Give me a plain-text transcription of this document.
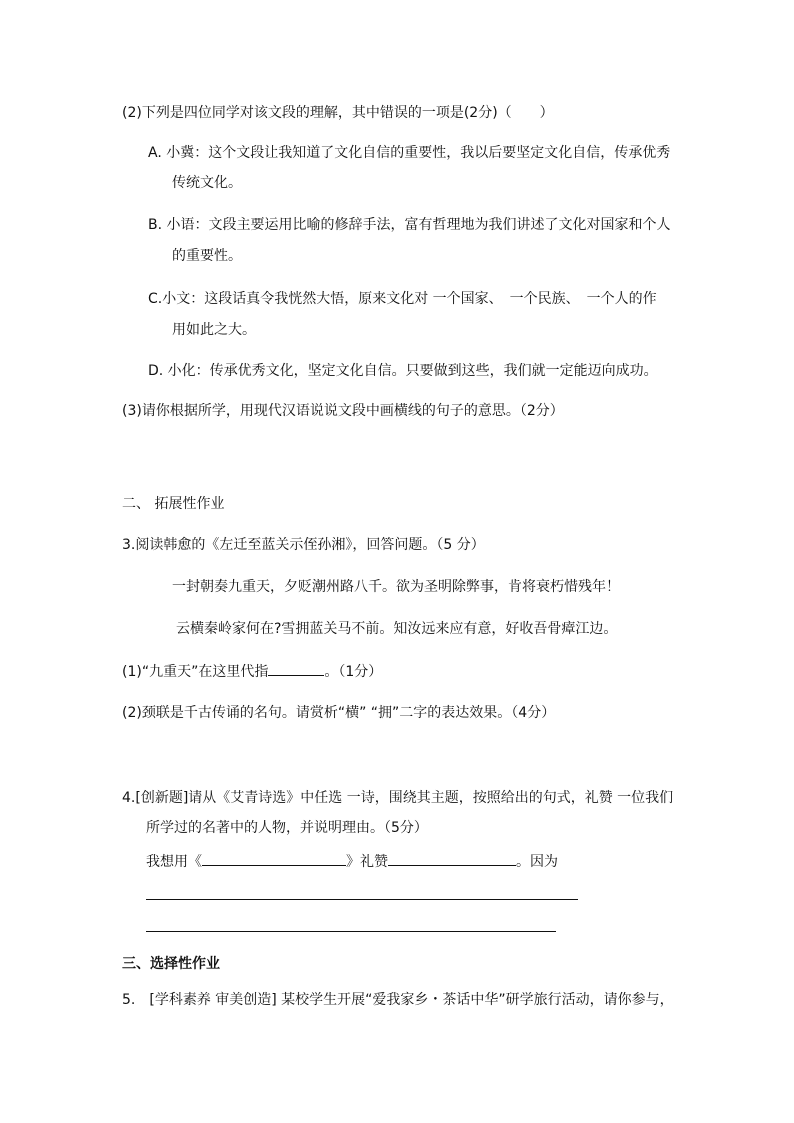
(2)下列是四位同学对该文段的理解，其中错误的一项是(2分)（　　）
A. 小冀：这个文段让我知道了文化自信的重要性，我以后要坚定文化自信，传承优秀
传统文化。
B. 小语：文段主要运用比喻的修辞手法，富有哲理地为我们讲述了文化对国家和个人
的重要性。
C.小文：这段话真令我恍然大悟，原来文化对 一个国家、　一个民族、　一个人的作
用如此之大。
D. 小化：传承优秀文化，坚定文化自信。只要做到这些，我们就一定能迈向成功。
(3)请你根据所学，用现代汉语说说文段中画横线的句子的意思。（2分）
二、 拓展性作业
3.阅读韩愈的《左迁至蓝关示侄孙湘》，回答问题。（5 分）
一封朝奏九重天，夕贬潮州路八千。欲为圣明除弊事，肯将衰朽惜残年！
云横秦岭家何在?雪拥蓝关马不前。知汝远来应有意，好收吾骨瘴江边。
(1)“九重天”在这里代指	。（1分）
(2)颈联是千古传诵的名句。请赏析“横” “拥”二字的表达效果。（4分）
4.[创新题]请从《艾青诗选》中任选 一诗，围绕其主题，按照给出的句式，礼赞 一位我们
所学过的名著中的人物，并说明理由。（5分）
我想用《	》礼赞	。因为
三、选择性作业
5.　[学科素养 审美创造] 某校学生开展“爱我家乡・茶话中华”研学旅行活动，请你参与，
